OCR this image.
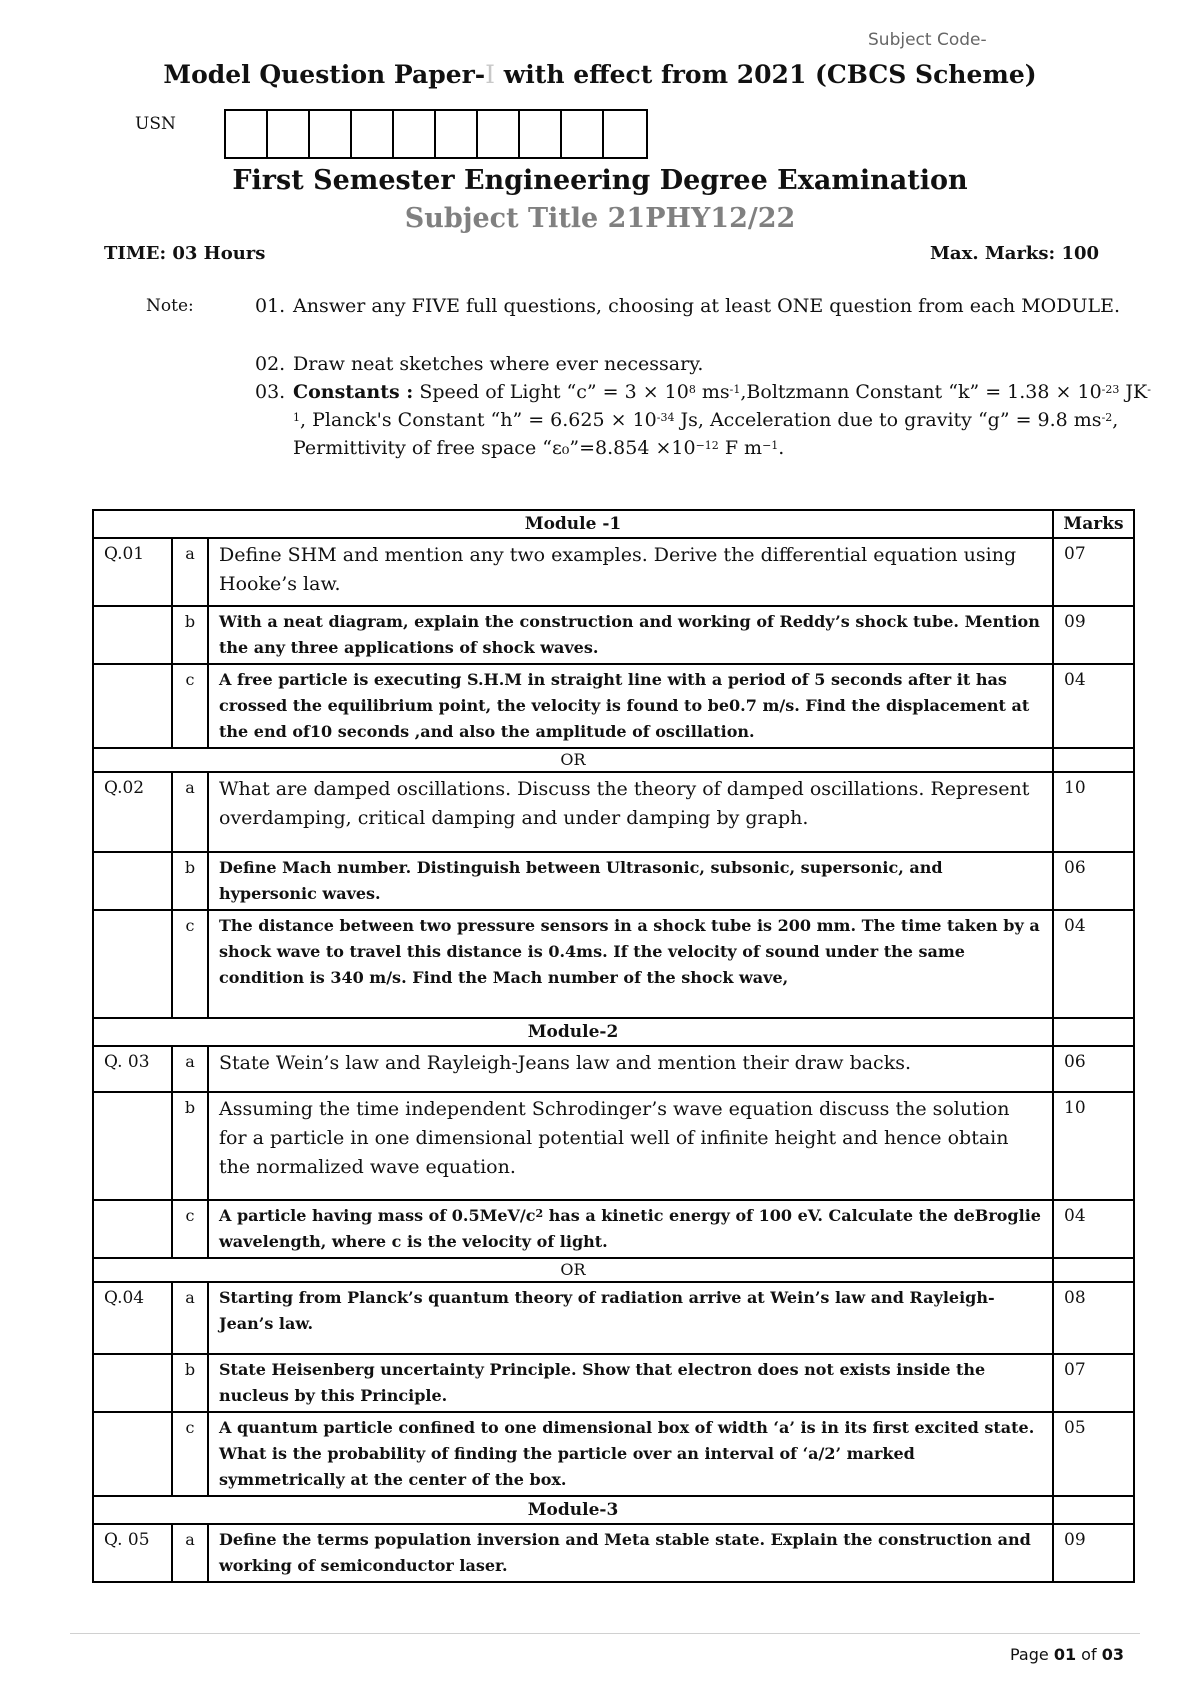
Subject Code-
Model Question Paper-I with effect from 2021 (CBCS Scheme)
USN
First Semester Engineering Degree Examination
Subject Title 21PHY12/22
TIME: 03 Hours	Max. Marks: 100
Note:	01. Answer any FIVE full questions, choosing at least ONE question from each MODULE.
02. Draw neat sketches where ever necessary.
03. Constants : Speed of Light “c” = $3 \times 10^8$ $ms^{-1},Boltzmann$ Constant “k” = $1.38 \times 10^{-23}$ $JK^{-1}$, Planck's Constant “h” = $6.625 \times 10^{-34}$ Js, Acceleration due to gravity “g” = 9.8 $ms^{-2}$, Permittivity of free space “ε₀”=8.854 $\times 10^{-12}$ F $m^{-1}$.
Module -1			Marks
Q.01	a	Define SHM and mention any two examples. Derive the differential equation using Hooke’s law.	07
	b	With a neat diagram, explain the construction and working of Reddy’s shock tube. Mention the any three applications of shock waves.	09
	c	A free particle is executing S.H.M in straight line with a period of 5 seconds after it has crossed the equilibrium point, the velocity is found to be0.7 m/s. Find the displacement at the end of10 seconds ,and also the amplitude of oscillation.	04
OR			
Q.02	a	What are damped oscillations. Discuss the theory of damped oscillations. Represent overdamping, critical damping and under damping by graph.	10
	b	Define Mach number. Distinguish between Ultrasonic, subsonic, supersonic, and hypersonic waves.	06
	c	The distance between two pressure sensors in a shock tube is 200 mm. The time taken by a shock wave to travel this distance is 0.4ms. If the velocity of sound under the same condition is 340 m/s. Find the Mach number of the shock wave,	04
Module-2			
Q. 03	a	State Wein’s law and Rayleigh-Jeans law and mention their draw backs.	06
	b	Assuming the time independent Schrodinger’s wave equation discuss the solution for a particle in one dimensional potential well of infinite height and hence obtain the normalized wave equation.	10
	c	A particle having mass of $0.5MeV/c^2$ has a kinetic energy of 100 eV. Calculate the deBroglie wavelength, where c is the velocity of light.	04
OR			
Q.04	a	Starting from Planck’s quantum theory of radiation arrive at Wein’s law and Rayleigh-Jean’s law.	08
	b	State Heisenberg uncertainty Principle. Show that electron does not exists inside the nucleus by this Principle.	07
	c	A quantum particle confined to one dimensional box of width ‘a’ is in its first excited state. What is the probability of finding the particle over an interval of ‘a/2’ marked symmetrically at the center of the box.	05
Module-3			
Q. 05	a	Define the terms population inversion and Meta stable state. Explain the construction and working of semiconductor laser.	09
Page 01 of 03
